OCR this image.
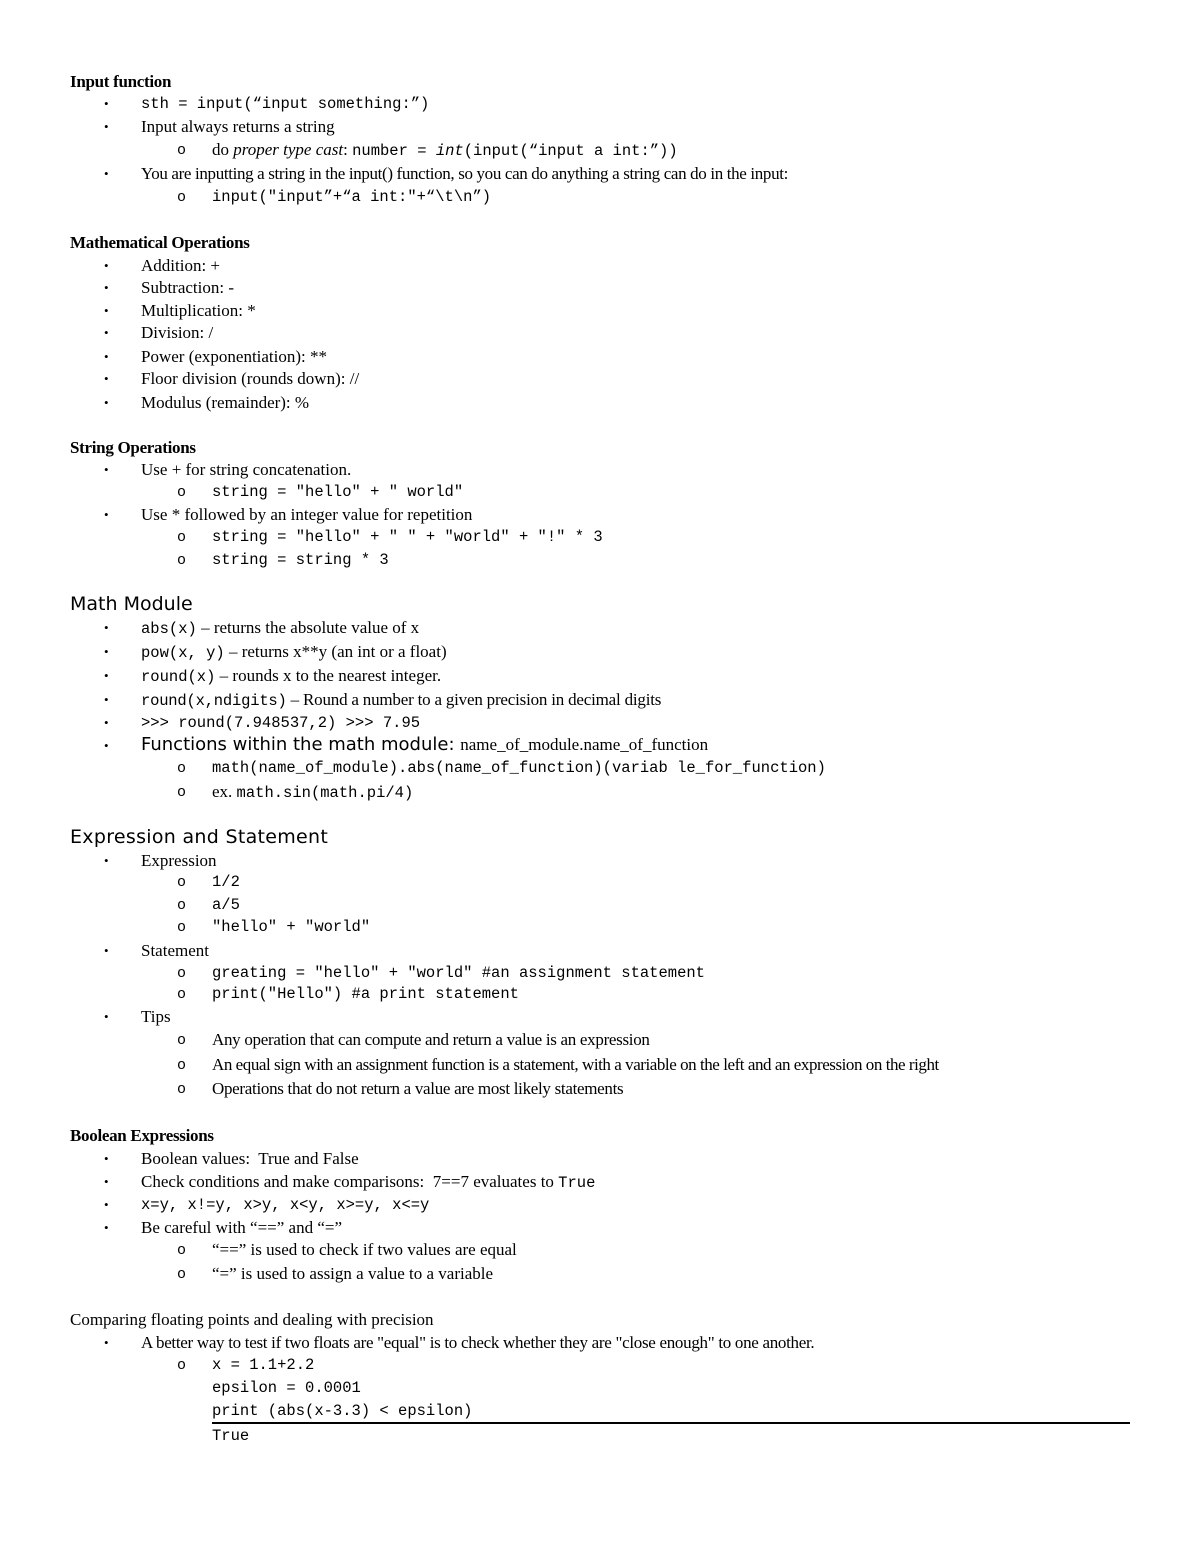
Input function
• sth = input(“input something:”)
• Input always returns a string
o do proper type cast: number = int(input(“input a int:”))
• You are inputting a string in the input() function, so you can do anything a string can do in the input:
o input("input”+“a int:"+“\t\n”)
Mathematical Operations
• Addition: +
• Subtraction: -
• Multiplication: *
• Division: /
• Power (exponentiation): **
• Floor division (rounds down): //
• Modulus (remainder): %
String Operations
• Use + for string concatenation.
o string = "hello" + " world"
• Use * followed by an integer value for repetition
o string = "hello" + " " + "world" + "!" * 3
o string = string * 3
Math Module
• abs(x) – returns the absolute value of x
• pow(x, y) – returns x**y (an int or a float)
• round(x) – rounds x to the nearest integer.
• round(x,ndigits) – Round a number to a given precision in decimal digits
• >>> round(7.948537,2) >>> 7.95
• Functions within the math module: name_of_module.name_of_function
o math(name_of_module).abs(name_of_function)(variab le_for_function)
o ex. math.sin(math.pi/4)
Expression and Statement
• Expression
o 1/2
o a/5
o "hello" + "world"
• Statement
o greating = "hello" + "world" #an assignment statement
o print("Hello") #a print statement
• Tips
o Any operation that can compute and return a value is an expression
o An equal sign with an assignment function is a statement, with a variable on the left and an expression on the right
o Operations that do not return a value are most likely statements
Boolean Expressions
• Boolean values:  True and False
• Check conditions and make comparisons:  7==7 evaluates to True
• x=y, x!=y, x>y, x<y, x>=y, x<=y
• Be careful with “==” and “=”
o “==” is used to check if two values are equal
o “=” is used to assign a value to a variable
Comparing floating points and dealing with precision
• A better way to test if two floats are "equal" is to check whether they are "close enough" to one another.
o x = 1.1+2.2
epsilon = 0.0001
print (abs(x-3.3) < epsilon)
True
